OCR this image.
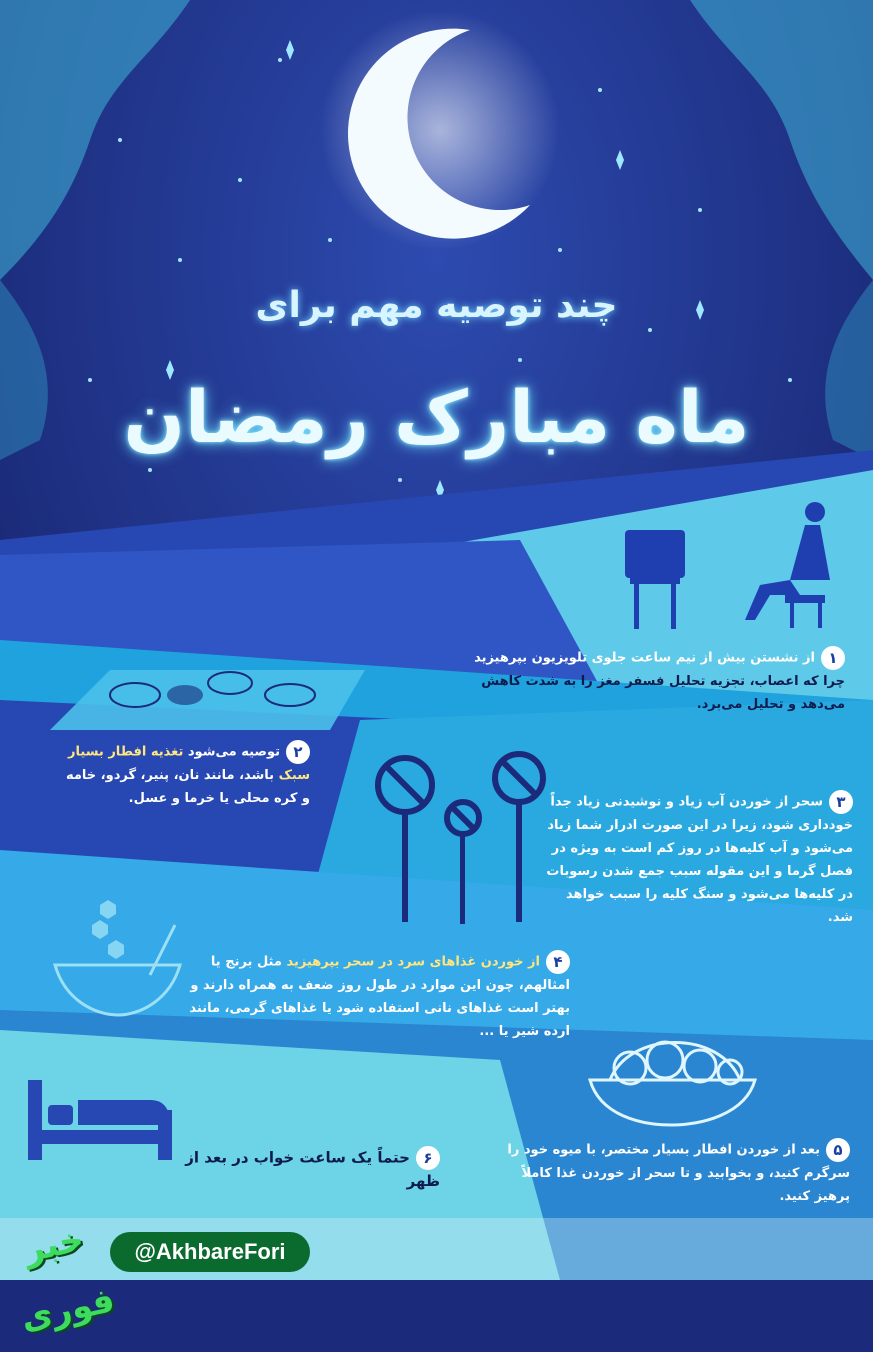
چند توصیه مهم برای
ماه مبارک رمضان
۱از نشستن بیش از نیم ساعت جلوی تلویزیون بپرهیزید چرا که اعصاب، تجزیه تحلیل فسفر مغز را به شدت کاهش می‌دهد و تحلیل می‌برد.
۲توصیه می‌شود تغذیه افطار بسیار سبک باشد، مانند نان، پنیر، گردو، خامه و کره محلی یا خرما و عسل.	۳سحر از خوردن آب زیاد و نوشیدنی زیاد جداً خودداری شود، زیرا در این صورت ادرار شما زیاد می‌شود و آب کلیه‌ها در روز کم است به ویژه در فصل گرما و این مقوله سبب جمع شدن رسوبات در کلیه‌ها می‌شود و سنگ کلیه را سبب خواهد شد.
۴از خوردن غذاهای سرد در سحر بپرهیزید مثل برنج یا امثالهم، چون این موارد در طول روز ضعف به همراه دارند و بهتر است غذاهای نانی استفاده شود یا غذاهای گرمی، مانند ارده شیر یا ...
۵بعد از خوردن افطار بسیار مختصر، با میوه خود را سرگرم کنید، و بخوابید و تا سحر از خوردن غذا کاملاً پرهیز کنید.
۶حتماً یک ساعت خواب در بعد از ظهر
خبر فوری
@AkhbareFori
